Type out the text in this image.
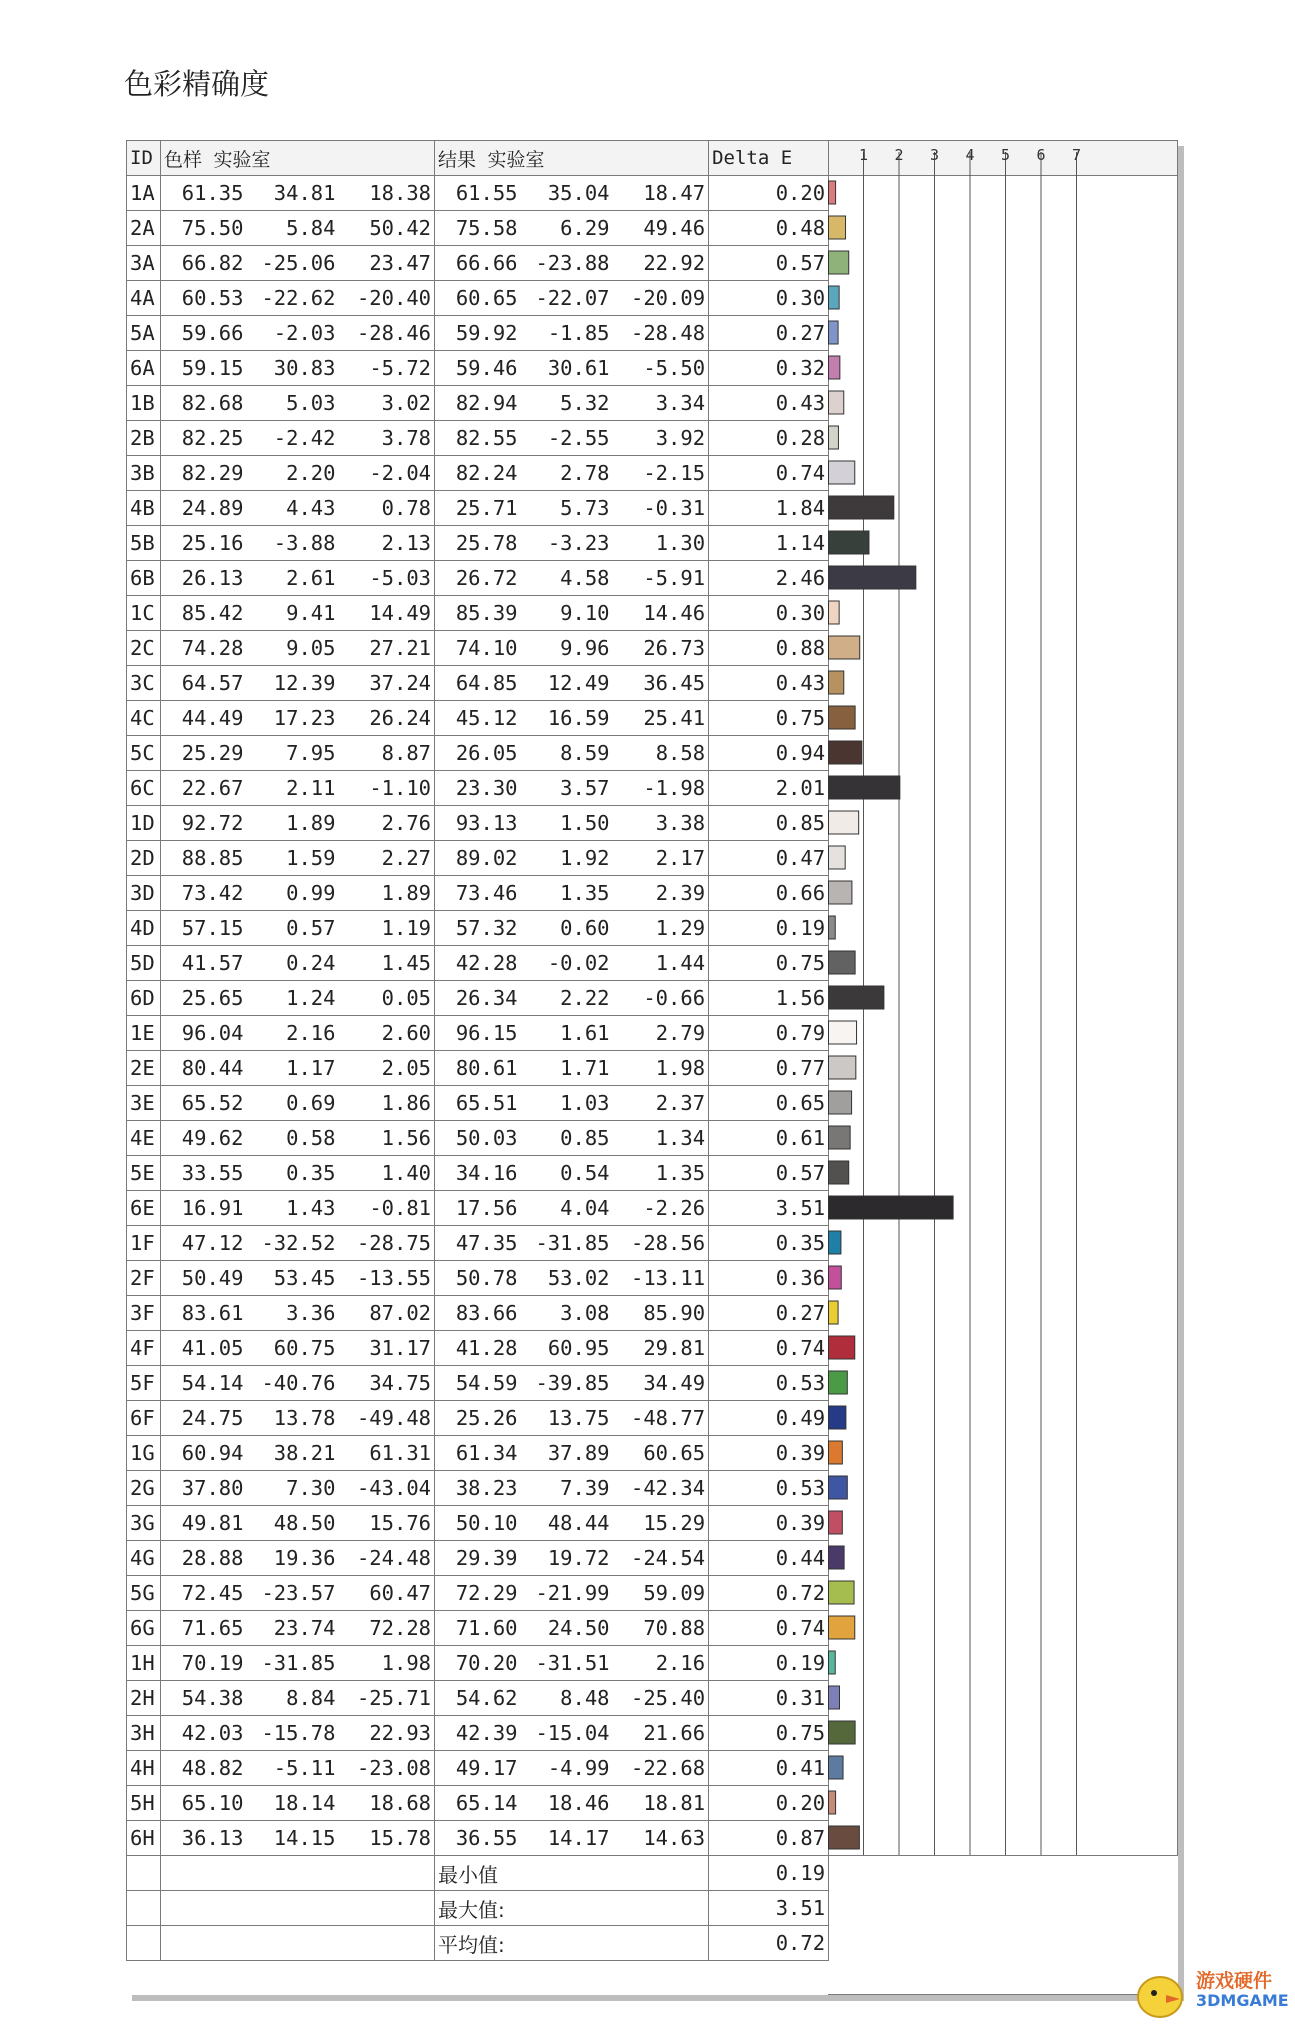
色彩精确度
ID	色样 实验室			结果 实验室			Delta E
1A	61.35	34.81	18.38	61.55	35.04	18.47	0.20
2A	75.50	5.84	50.42	75.58	6.29	49.46	0.48
3A	66.82	-25.06	23.47	66.66	-23.88	22.92	0.57
4A	60.53	-22.62	-20.40	60.65	-22.07	-20.09	0.30
5A	59.66	-2.03	-28.46	59.92	-1.85	-28.48	0.27
6A	59.15	30.83	-5.72	59.46	30.61	-5.50	0.32
1B	82.68	5.03	3.02	82.94	5.32	3.34	0.43
2B	82.25	-2.42	3.78	82.55	-2.55	3.92	0.28
3B	82.29	2.20	-2.04	82.24	2.78	-2.15	0.74
4B	24.89	4.43	0.78	25.71	5.73	-0.31	1.84
5B	25.16	-3.88	2.13	25.78	-3.23	1.30	1.14
6B	26.13	2.61	-5.03	26.72	4.58	-5.91	2.46
1C	85.42	9.41	14.49	85.39	9.10	14.46	0.30
2C	74.28	9.05	27.21	74.10	9.96	26.73	0.88
3C	64.57	12.39	37.24	64.85	12.49	36.45	0.43
4C	44.49	17.23	26.24	45.12	16.59	25.41	0.75
5C	25.29	7.95	8.87	26.05	8.59	8.58	0.94
6C	22.67	2.11	-1.10	23.30	3.57	-1.98	2.01
1D	92.72	1.89	2.76	93.13	1.50	3.38	0.85
2D	88.85	1.59	2.27	89.02	1.92	2.17	0.47
3D	73.42	0.99	1.89	73.46	1.35	2.39	0.66
4D	57.15	0.57	1.19	57.32	0.60	1.29	0.19
5D	41.57	0.24	1.45	42.28	-0.02	1.44	0.75
6D	25.65	1.24	0.05	26.34	2.22	-0.66	1.56
1E	96.04	2.16	2.60	96.15	1.61	2.79	0.79
2E	80.44	1.17	2.05	80.61	1.71	1.98	0.77
3E	65.52	0.69	1.86	65.51	1.03	2.37	0.65
4E	49.62	0.58	1.56	50.03	0.85	1.34	0.61
5E	33.55	0.35	1.40	34.16	0.54	1.35	0.57
6E	16.91	1.43	-0.81	17.56	4.04	-2.26	3.51
1F	47.12	-32.52	-28.75	47.35	-31.85	-28.56	0.35
2F	50.49	53.45	-13.55	50.78	53.02	-13.11	0.36
3F	83.61	3.36	87.02	83.66	3.08	85.90	0.27
4F	41.05	60.75	31.17	41.28	60.95	29.81	0.74
5F	54.14	-40.76	34.75	54.59	-39.85	34.49	0.53
6F	24.75	13.78	-49.48	25.26	13.75	-48.77	0.49
1G	60.94	38.21	61.31	61.34	37.89	60.65	0.39
2G	37.80	7.30	-43.04	38.23	7.39	-42.34	0.53
3G	49.81	48.50	15.76	50.10	48.44	15.29	0.39
4G	28.88	19.36	-24.48	29.39	19.72	-24.54	0.44
5G	72.45	-23.57	60.47	72.29	-21.99	59.09	0.72
6G	71.65	23.74	72.28	71.60	24.50	70.88	0.74
1H	70.19	-31.85	1.98	70.20	-31.51	2.16	0.19
2H	54.38	8.84	-25.71	54.62	8.48	-25.40	0.31
3H	42.03	-15.78	22.93	42.39	-15.04	21.66	0.75
4H	48.82	-5.11	-23.08	49.17	-4.99	-22.68	0.41
5H	65.10	18.14	18.68	65.14	18.46	18.81	0.20
6H	36.13	14.15	15.78	36.55	14.17	14.63	0.87
				最小值			0.19
				最大值:			3.51
				平均值:			0.72
1 2 3 4 5 6 7
游戏硬件
3DMGAME
